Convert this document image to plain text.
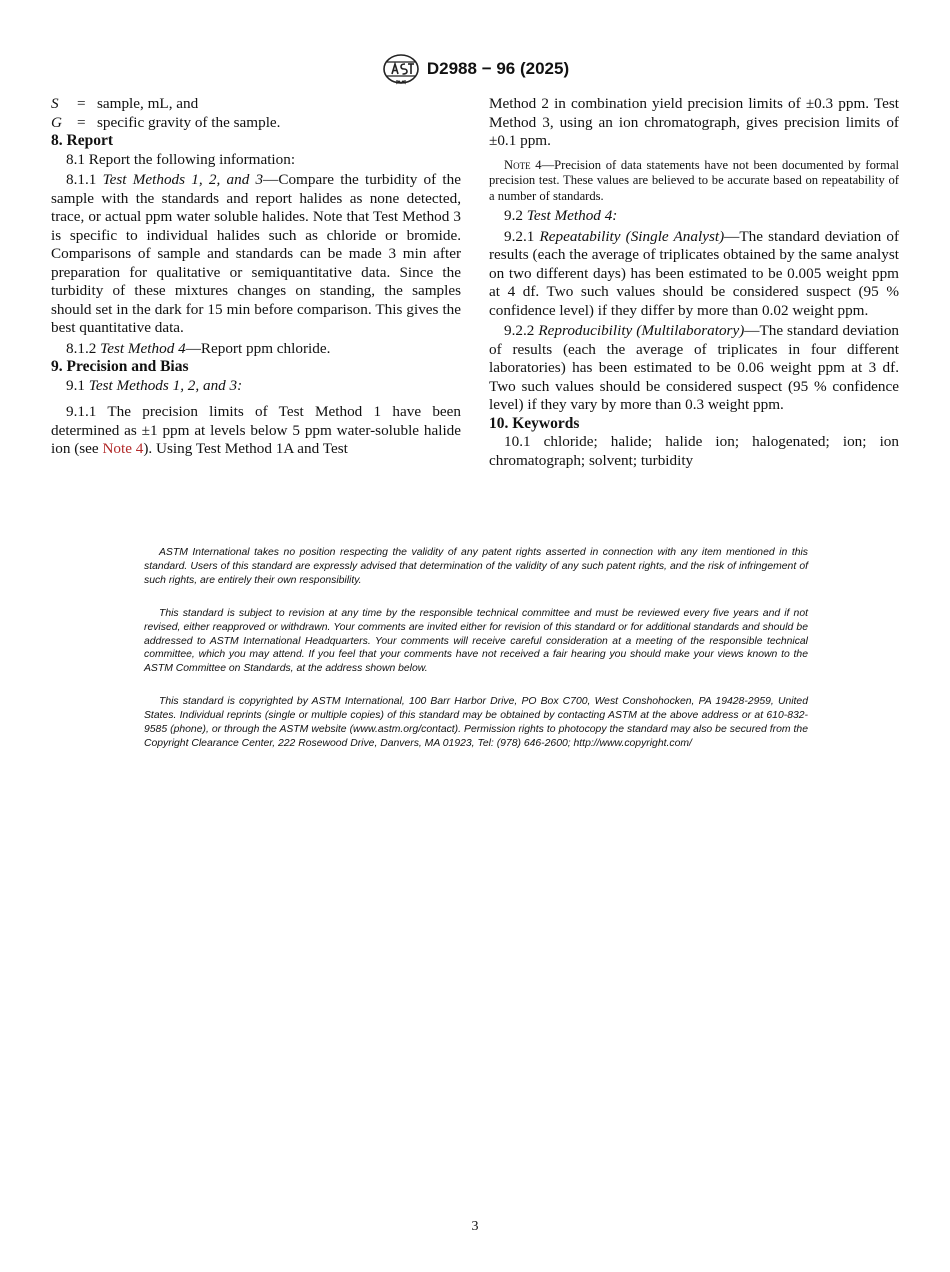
D2988 − 96 (2025)
S	= sample, mL, and
G = specific gravity of the sample.

8. Report

8.1 Report the following information:

8.1.1 Test Methods 1, 2, and 3—Compare the turbidity of the sample with the standards and report halides as none detected, trace, or actual ppm water soluble halides. Note that Test Method 3 is specific to individual halides such as chloride or bromide. Comparisons of sample and standards can be made 3 min after preparation for qualitative or semiquantitative data. Since the turbidity of these mixtures changes on standing, the samples should set in the dark for 15 min before comparison. This gives the best quantitative data.

8.1.2 Test Method 4—Report ppm chloride.

9. Precision and Bias

9.1 Test Methods 1, 2, and 3:

9.1.1 The precision limits of Test Method 1 have been determined as ±1 ppm at levels below 5 ppm water-soluble halide ion (see Note 4). Using Test Method 1A and Test

Method 2 in combination yield precision limits of ±0.3 ppm. Test Method 3, using an ion chromatograph, gives precision limits of ±0.1 ppm.

Note 4—Precision of data statements have not been documented by formal precision test. These values are believed to be accurate based on repeatability of a number of standards.

9.2 Test Method 4:

9.2.1 Repeatability (Single Analyst)—The standard deviation of results (each the average of triplicates obtained by the same analyst on two different days) has been estimated to be 0.005 weight ppm at 4 df. Two such values should be considered suspect (95 % confidence level) if they differ by more than 0.02 weight ppm.

9.2.2 Reproducibility (Multilaboratory)—The standard deviation of results (each the average of triplicates in four different laboratories) has been estimated to be 0.06 weight ppm at 3 df. Two such values should be considered suspect (95 % confidence level) if they vary by more than 0.3 weight ppm.

10. Keywords

10.1 chloride; halide; halide ion; halogenated; ion; ion chromatograph; solvent; turbidity

ASTM International takes no position respecting the validity of any patent rights asserted in connection with any item mentioned in this standard. Users of this standard are expressly advised that determination of the validity of any such patent rights, and the risk of infringement of such rights, are entirely their own responsibility.

This standard is subject to revision at any time by the responsible technical committee and must be reviewed every five years and if not revised, either reapproved or withdrawn. Your comments are invited either for revision of this standard or for additional standards and should be addressed to ASTM International Headquarters. Your comments will receive careful consideration at a meeting of the responsible technical committee, which you may attend. If you feel that your comments have not received a fair hearing you should make your views known to the ASTM Committee on Standards, at the address shown below.

This standard is copyrighted by ASTM International, 100 Barr Harbor Drive, PO Box C700, West Conshohocken, PA 19428-2959, United States. Individual reprints (single or multiple copies) of this standard may be obtained by contacting ASTM at the above address or at 610-832-9585 (phone), or through the ASTM website (www.astm.org/contact). Permission rights to photocopy the standard may also be secured from the Copyright Clearance Center, 222 Rosewood Drive, Danvers, MA 01923, Tel: (978) 646-2600; http://www.copyright.com/

3
